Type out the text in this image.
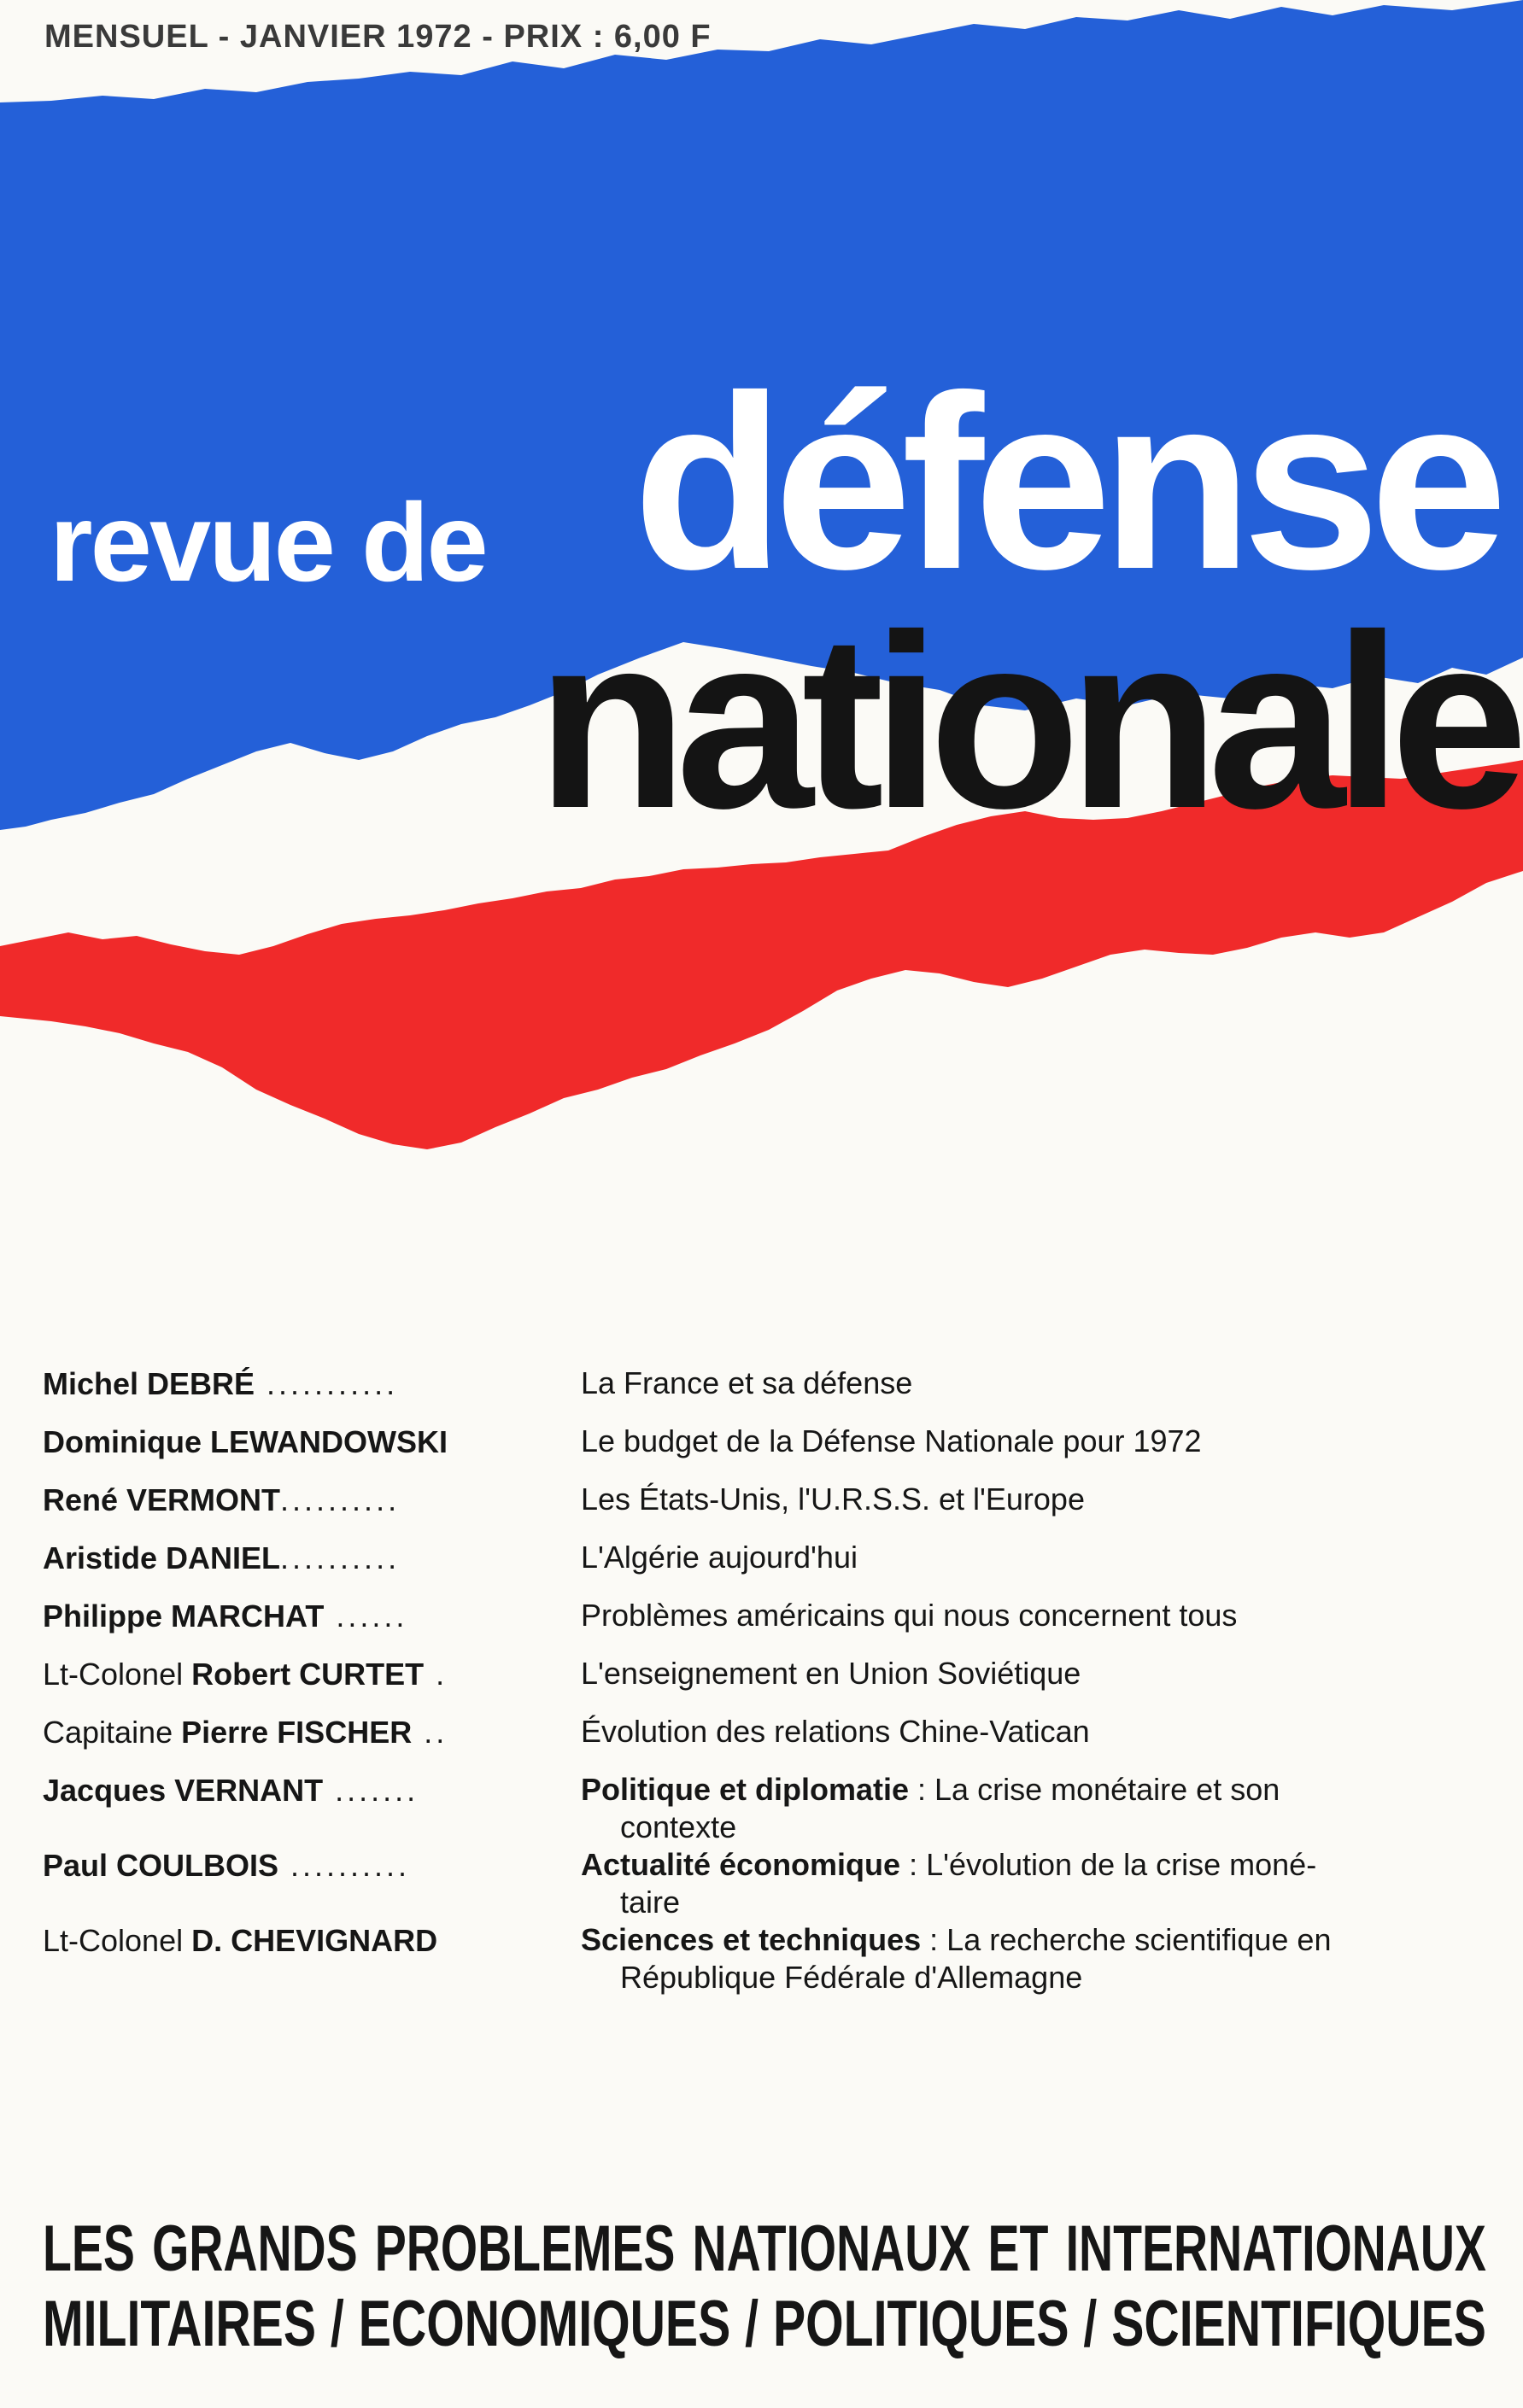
MENSUEL - JANVIER 1972 - PRIX : 6,00 F
revue de défense
nationale
Michel DEBRÉ ...........	La France et sa défense
Dominique LEWANDOWSKI	Le budget de la Défense Nationale pour 1972
René VERMONT..........	Les États-Unis, l'U.R.S.S. et l'Europe
Aristide DANIEL..........	L'Algérie aujourd'hui
Philippe MARCHAT ......	Problèmes américains qui nous concernent tous
Lt-Colonel Robert CURTET .	L'enseignement en Union Soviétique
Capitaine Pierre FISCHER ..	Évolution des relations Chine-Vatican
Jacques VERNANT .......	Politique et diplomatie : La crise monétaire et son
contexte
Paul COULBOIS ..........	Actualité économique : L'évolution de la crise moné-
taire
Lt-Colonel D. CHEVIGNARD	Sciences et techniques : La recherche scientifique en
République Fédérale d'Allemagne
LES GRANDS PROBLEMES NATIONAUX ET INTERNATIONAUX
MILITAIRES / ECONOMIQUES / POLITIQUES / SCIENTIFIQUES
